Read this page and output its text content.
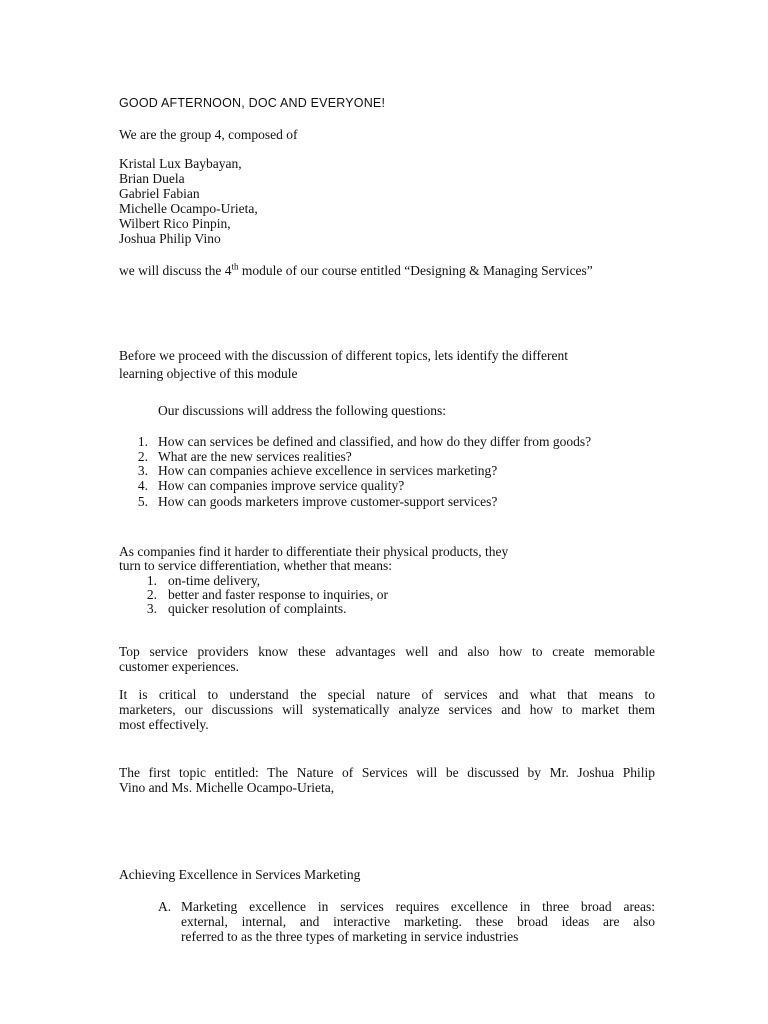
GOOD AFTERNOON, DOC AND EVERYONE!
We are the group 4, composed of
Kristal Lux Baybayan,
Brian Duela
Gabriel Fabian
Michelle Ocampo-Urieta,
Wilbert Rico Pinpin,
Joshua Philip Vino
we will discuss the 4th module of our course entitled “Designing & Managing Services”
Before we proceed with the discussion of different topics, lets identify the different
learning objective of this module
Our discussions will address the following questions:
1. How can services be defined and classified, and how do they differ from goods?
2. What are the new services realities?
3. How can companies achieve excellence in services marketing?
4. How can companies improve service quality?
5. How can goods marketers improve customer-support services?
As companies find it harder to differentiate their physical products, they
turn to service differentiation, whether that means:
1. on-time delivery,
2. better and faster response to inquiries, or
3. quicker resolution of complaints.
Top service providers know these advantages well and also how to create memorable
customer experiences.
It is critical to understand the special nature of services and what that means to
marketers, our discussions will systematically analyze services and how to market them
most effectively.
The first topic entitled: The Nature of Services will be discussed by Mr. Joshua Philip
Vino and Ms. Michelle Ocampo-Urieta,
Achieving Excellence in Services Marketing
A. Marketing excellence in services requires excellence in three broad areas:
external, internal, and interactive marketing. these broad ideas are also
referred to as the three types of marketing in service industries
